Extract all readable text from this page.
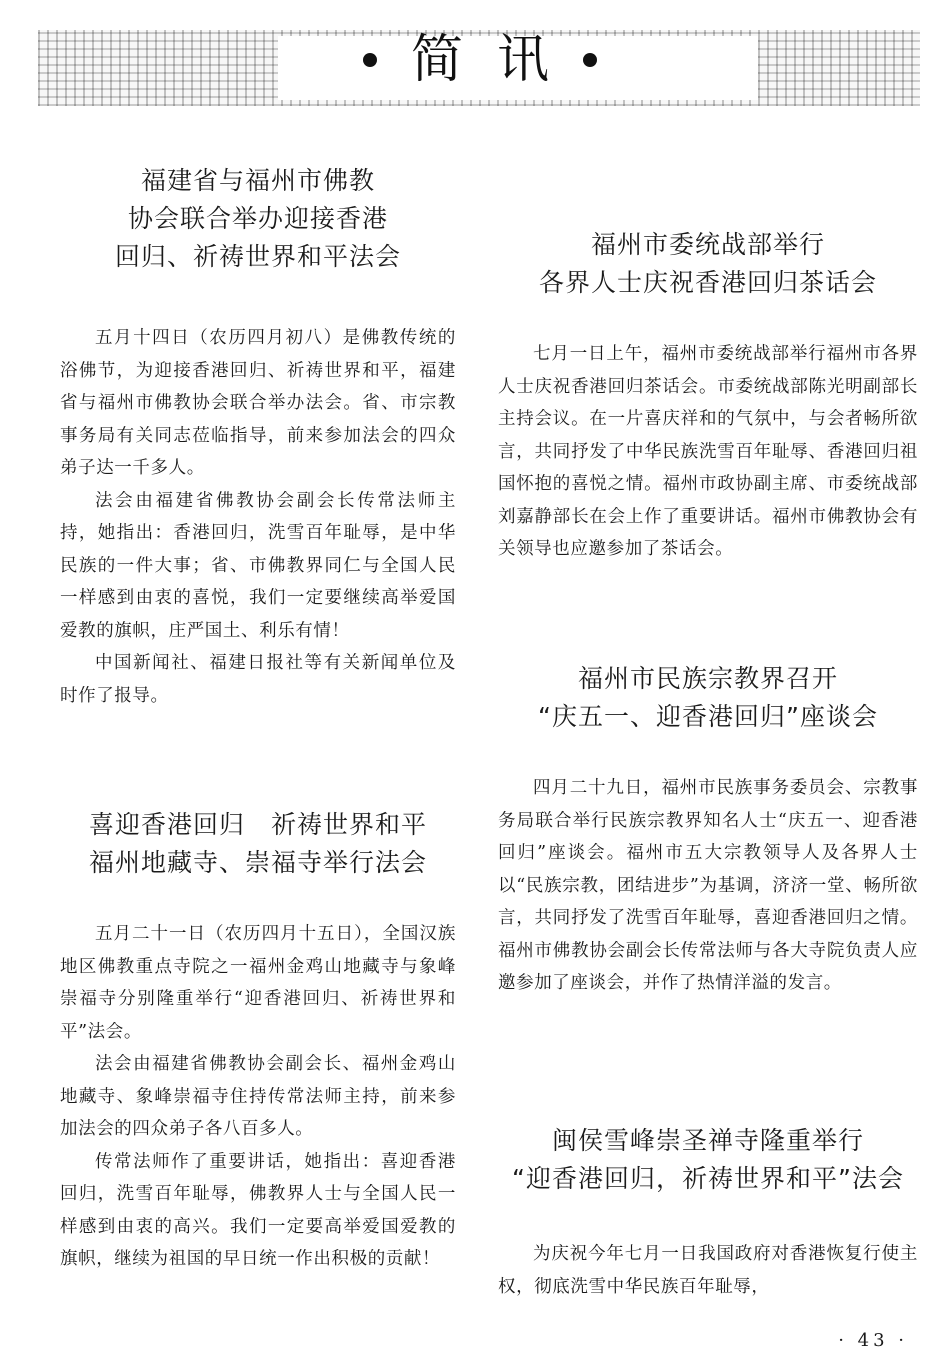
简 讯
福建省与福州市佛教
协会联合举办迎接香港
回归、祈祷世界和平法会

五月十四日（农历四月初八）是佛教传统的浴佛节，为迎接香港回归、祈祷世界和平，福建省与福州市佛教协会联合举办法会。省、市宗教事务局有关同志莅临指导，前来参加法会的四众弟子达一千多人。

法会由福建省佛教协会副会长传常法师主持，她指出：香港回归，洗雪百年耻辱，是中华民族的一件大事；省、市佛教界同仁与全国人民一样感到由衷的喜悦，我们一定要继续高举爱国爱教的旗帜，庄严国土、利乐有情！

中国新闻社、福建日报社等有关新闻单位及时作了报导。

喜迎香港回归　祈祷世界和平
福州地藏寺、崇福寺举行法会

五月二十一日（农历四月十五日），全国汉族地区佛教重点寺院之一福州金鸡山地藏寺与象峰崇福寺分别隆重举行“迎香港回归、祈祷世界和平”法会。

法会由福建省佛教协会副会长、福州金鸡山地藏寺、象峰崇福寺住持传常法师主持，前来参加法会的四众弟子各八百多人。

传常法师作了重要讲话，她指出：喜迎香港回归，洗雪百年耻辱，佛教界人士与全国人民一样感到由衷的高兴。我们一定要高举爱国爱教的旗帜，继续为祖国的早日统一作出积极的贡献！

福州市委统战部举行
各界人士庆祝香港回归茶话会

七月一日上午，福州市委统战部举行福州市各界人士庆祝香港回归茶话会。市委统战部陈光明副部长主持会议。在一片喜庆祥和的气氛中，与会者畅所欲言，共同抒发了中华民族洗雪百年耻辱、香港回归祖国怀抱的喜悦之情。福州市政协副主席、市委统战部刘嘉静部长在会上作了重要讲话。福州市佛教协会有关领导也应邀参加了茶话会。

福州市民族宗教界召开
“庆五一、迎香港回归”座谈会

四月二十九日，福州市民族事务委员会、宗教事务局联合举行民族宗教界知名人士“庆五一、迎香港回归”座谈会。福州市五大宗教领导人及各界人士以“民族宗教，团结进步”为基调，济济一堂、畅所欲言，共同抒发了洗雪百年耻辱，喜迎香港回归之情。福州市佛教协会副会长传常法师与各大寺院负责人应邀参加了座谈会，并作了热情洋溢的发言。

闽侯雪峰崇圣禅寺隆重举行
“迎香港回归，祈祷世界和平”法会

为庆祝今年七月一日我国政府对香港恢复行使主权，彻底洗雪中华民族百年耻辱，

· 43 ·
